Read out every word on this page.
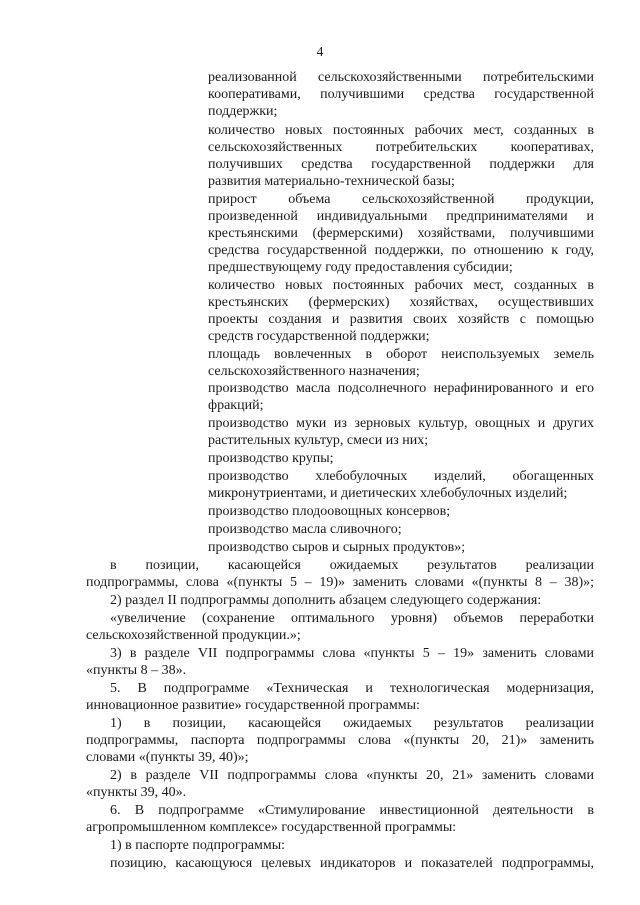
4
реализованной сельскохозяйственными потребительскими
кооперативами, получившими средства государственной
поддержки;
количество новых постоянных рабочих мест, созданных в
сельскохозяйственных потребительских кооперативах,
получивших средства государственной поддержки для
развития материально-технической базы;
прирост объема сельскохозяйственной продукции,
произведенной индивидуальными предпринимателями и
крестьянскими (фермерскими) хозяйствами, получившими
средства государственной поддержки, по отношению к году,
предшествующему году предоставления субсидии;
количество новых постоянных рабочих мест, созданных в
крестьянских (фермерских) хозяйствах, осуществивших
проекты создания и развития своих хозяйств с помощью
средств государственной поддержки;
площадь вовлеченных в оборот неиспользуемых земель
сельскохозяйственного назначения;
производство масла подсолнечного нерафинированного и его
фракций;
производство муки из зерновых культур, овощных и других
растительных культур, смеси из них;
производство крупы;
производство хлебобулочных изделий, обогащенных
микронутриентами, и диетических хлебобулочных изделий;
производство плодоовощных консервов;
производство масла сливочного;
производство сыров и сырных продуктов»;
в позиции, касающейся ожидаемых результатов реализации
подпрограммы, слова «(пункты 5 – 19)» заменить словами «(пункты 8 – 38)»;
2) раздел II подпрограммы дополнить абзацем следующего содержания:
«увеличение (сохранение оптимального уровня) объемов переработки
сельскохозяйственной продукции.»;
3) в разделе VII подпрограммы слова «пункты 5 – 19» заменить словами
«пункты 8 – 38».
5. В подпрограмме «Техническая и технологическая модернизация,
инновационное развитие» государственной программы:
1) в позиции, касающейся ожидаемых результатов реализации
подпрограммы, паспорта подпрограммы слова «(пункты 20, 21)» заменить
словами «(пункты 39, 40)»;
2) в разделе VII подпрограммы слова «пункты 20, 21» заменить словами
«пункты 39, 40».
6. В подпрограмме «Стимулирование инвестиционной деятельности в
агропромышленном комплексе» государственной программы:
1) в паспорте подпрограммы:
позицию, касающуюся целевых индикаторов и показателей подпрограммы,
